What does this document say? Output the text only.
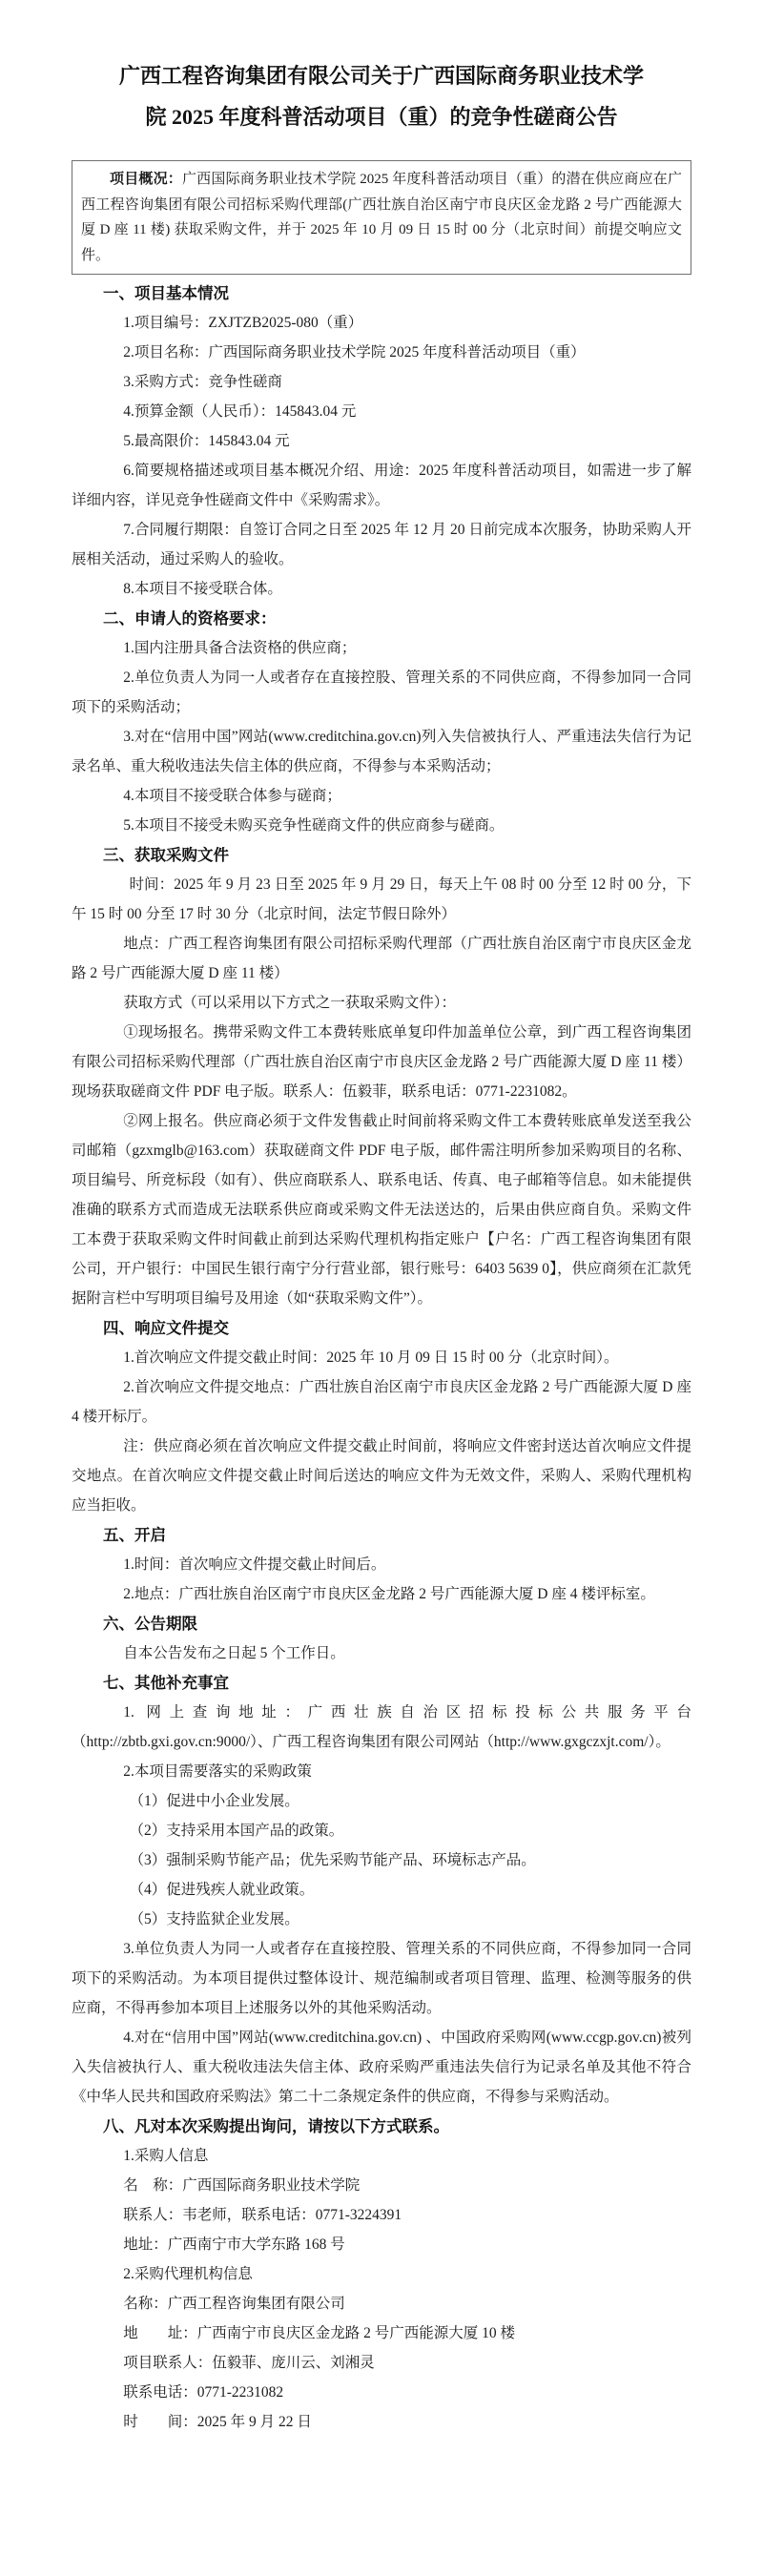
广西工程咨询集团有限公司关于广西国际商务职业技术学
院 2025 年度科普活动项目（重）的竞争性磋商公告
项目概况：广西国际商务职业技术学院 2025 年度科普活动项目（重）的潜在供应商应在广西工程咨询集团有限公司招标采购代理部(广西壮族自治区南宁市良庆区金龙路 2 号广西能源大厦 D 座 11 楼) 获取采购文件，并于 2025 年 10 月 09 日 15 时 00 分（北京时间）前提交响应文件。
一、项目基本情况

1.项目编号：ZXJTZB2025-080（重）

2.项目名称：广西国际商务职业技术学院 2025 年度科普活动项目（重）

3.采购方式：竞争性磋商

4.预算金额（人民币）：145843.04 元

5.最高限价：145843.04 元

6.简要规格描述或项目基本概况介绍、用途：2025 年度科普活动项目，如需进一步了解详细内容，详见竞争性磋商文件中《采购需求》。

7.合同履行期限：自签订合同之日至 2025 年 12 月 20 日前完成本次服务，协助采购人开展相关活动，通过采购人的验收。

8.本项目不接受联合体。

二、申请人的资格要求：

1.国内注册具备合法资格的供应商；

2.单位负责人为同一人或者存在直接控股、管理关系的不同供应商，不得参加同一合同项下的采购活动；

3.对在“信用中国”网站(www.creditchina.gov.cn)列入失信被执行人、严重违法失信行为记录名单、重大税收违法失信主体的供应商，不得参与本采购活动；

4.本项目不接受联合体参与磋商；

5.本项目不接受未购买竞争性磋商文件的供应商参与磋商。

三、获取采购文件

时间：2025 年 9 月 23 日至 2025 年 9 月 29 日，每天上午 08 时 00 分至 12 时 00 分，下午 15 时 00 分至 17 时 30 分（北京时间，法定节假日除外）

地点：广西工程咨询集团有限公司招标采购代理部（广西壮族自治区南宁市良庆区金龙路 2 号广西能源大厦 D 座 11 楼）

获取方式（可以采用以下方式之一获取采购文件）：

①现场报名。携带采购文件工本费转账底单复印件加盖单位公章，到广西工程咨询集团有限公司招标采购代理部（广西壮族自治区南宁市良庆区金龙路 2 号广西能源大厦 D 座 11 楼）现场获取磋商文件 PDF 电子版。联系人：伍毅菲，联系电话：0771-2231082。

②网上报名。供应商必须于文件发售截止时间前将采购文件工本费转账底单发送至我公司邮箱（gzxmglb@163.com）获取磋商文件 PDF 电子版，邮件需注明所参加采购项目的名称、项目编号、所竞标段（如有）、供应商联系人、联系电话、传真、电子邮箱等信息。如未能提供准确的联系方式而造成无法联系供应商或采购文件无法送达的，后果由供应商自负。采购文件工本费于获取采购文件时间截止前到达采购代理机构指定账户【户名：广西工程咨询集团有限公司，开户银行：中国民生银行南宁分行营业部，银行账号：6403 5639 0】，供应商须在汇款凭据附言栏中写明项目编号及用途（如“获取采购文件”）。

四、响应文件提交

1.首次响应文件提交截止时间：2025 年 10 月 09 日 15 时 00 分（北京时间）。

2.首次响应文件提交地点：广西壮族自治区南宁市良庆区金龙路 2 号广西能源大厦 D 座 4 楼开标厅。

注：供应商必须在首次响应文件提交截止时间前，将响应文件密封送达首次响应文件提交地点。在首次响应文件提交截止时间后送达的响应文件为无效文件，采购人、采购代理机构应当拒收。

五、开启

1.时间：首次响应文件提交截止时间后。

2.地点：广西壮族自治区南宁市良庆区金龙路 2 号广西能源大厦 D 座 4 楼评标室。

六、公告期限

自本公告发布之日起 5 个工作日。

七、其他补充事宜

1. 网上查询地址：广西壮族自治区招标投标公共服务平台（http://zbtb.gxi.gov.cn:9000/）、广西工程咨询集团有限公司网站（http://www.gxgczxjt.com/）。

2.本项目需要落实的采购政策

（1）促进中小企业发展。

（2）支持采用本国产品的政策。

（3）强制采购节能产品；优先采购节能产品、环境标志产品。

（4）促进残疾人就业政策。

（5）支持监狱企业发展。

3.单位负责人为同一人或者存在直接控股、管理关系的不同供应商，不得参加同一合同项下的采购活动。为本项目提供过整体设计、规范编制或者项目管理、监理、检测等服务的供应商，不得再参加本项目上述服务以外的其他采购活动。

4.对在“信用中国”网站(www.creditchina.gov.cn) 、中国政府采购网(www.ccgp.gov.cn)被列入失信被执行人、重大税收违法失信主体、政府采购严重违法失信行为记录名单及其他不符合《中华人民共和国政府采购法》第二十二条规定条件的供应商，不得参与采购活动。

八、凡对本次采购提出询问，请按以下方式联系。

1.采购人信息

名　称：广西国际商务职业技术学院

联系人：韦老师，联系电话：0771-3224391

地址：广西南宁市大学东路 168 号

2.采购代理机构信息

名称：广西工程咨询集团有限公司

地　　址：广西南宁市良庆区金龙路 2 号广西能源大厦 10 楼

项目联系人：伍毅菲、庞川云、刘湘灵

联系电话：0771-2231082

时　　间：2025 年 9 月 22 日
